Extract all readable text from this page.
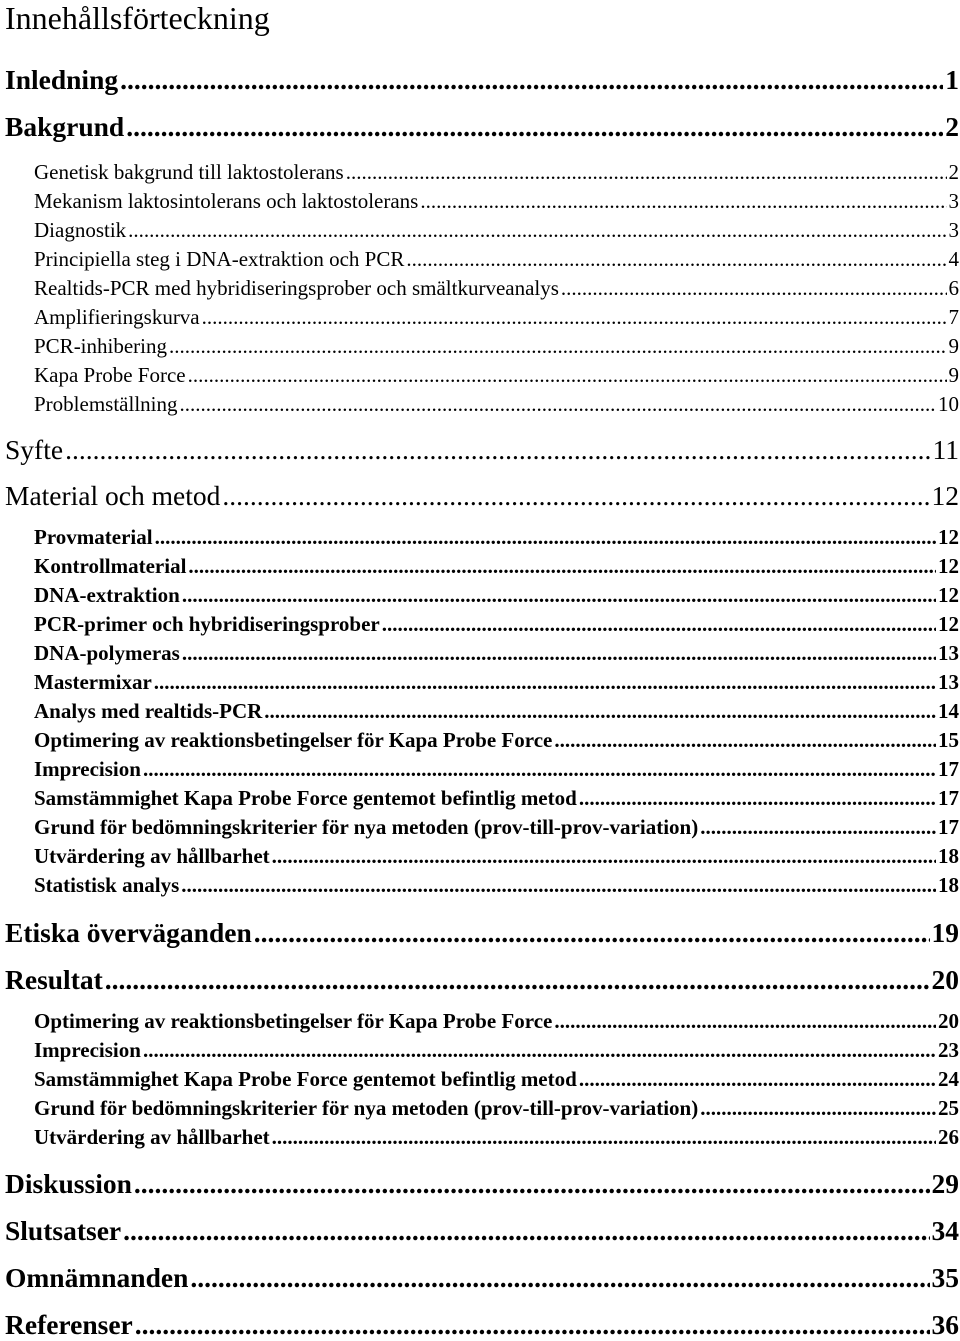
Innehållsförteckning
Inledning .....	1
Bakgrund .....	2
Genetisk bakgrund till laktostolerans .....	2
Mekanism laktosintolerans och laktostolerans .....	3
Diagnostik .....	3
Principiella steg i DNA-extraktion och PCR .....	4
Realtids-PCR med hybridiseringsprober och smältkurveanalys .....	6
Amplifieringskurva .....	7
PCR-inhibering .....	9
Kapa Probe Force .....	9
Problemställning .....	10
Syfte .....	11
Material och metod .....	12
Provmaterial .....	12
Kontrollmaterial .....	12
DNA-extraktion .....	12
PCR-primer och hybridiseringsprober .....	12
DNA-polymeras .....	13
Mastermixar .....	13
Analys med realtids-PCR .....	14
Optimering av reaktionsbetingelser för Kapa Probe Force .....	15
Imprecision .....	17
Samstämmighet Kapa Probe Force gentemot befintlig metod .....	17
Grund för bedömningskriterier för nya metoden (prov-till-prov-variation) .....	17
Utvärdering av hållbarhet .....	18
Statistisk analys .....	18
Etiska överväganden .....	19
Resultat .....	20
Optimering av reaktionsbetingelser för Kapa Probe Force .....	20
Imprecision .....	23
Samstämmighet Kapa Probe Force gentemot befintlig metod .....	24
Grund för bedömningskriterier för nya metoden (prov-till-prov-variation) .....	25
Utvärdering av hållbarhet .....	26
Diskussion .....	29
Slutsatser .....	34
Omnämnanden .....	35
Referenser .....	36
